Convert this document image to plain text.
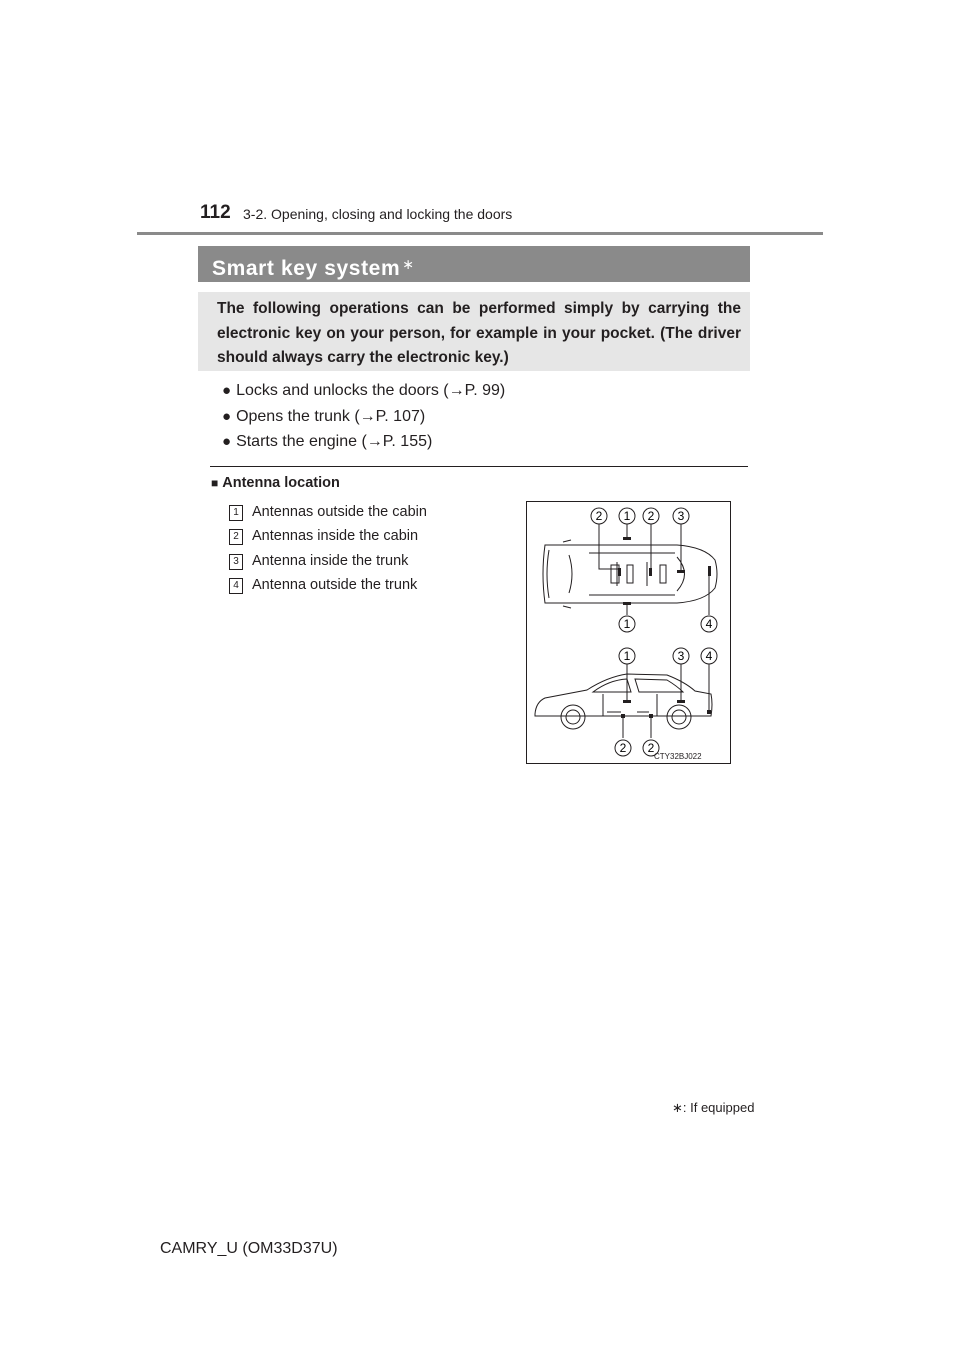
112 3-2. Opening, closing and locking the doors
Smart key system ∗
The following operations can be performed simply by carrying the electronic key on your person, for example in your pocket. (The driver should always carry the electronic key.)
● Locks and unlocks the doors (→P. 99)
● Opens the trunk (→P. 107)
● Starts the engine (→P. 155)
■ Antenna location
1 Antennas outside the cabin
2 Antennas inside the cabin
3 Antenna inside the trunk
4 Antenna outside the trunk
2 1 2 3
1	4
1	3 4
2 2
CTY32BJ022
∗: If equipped
CAMRY_U (OM33D37U)
